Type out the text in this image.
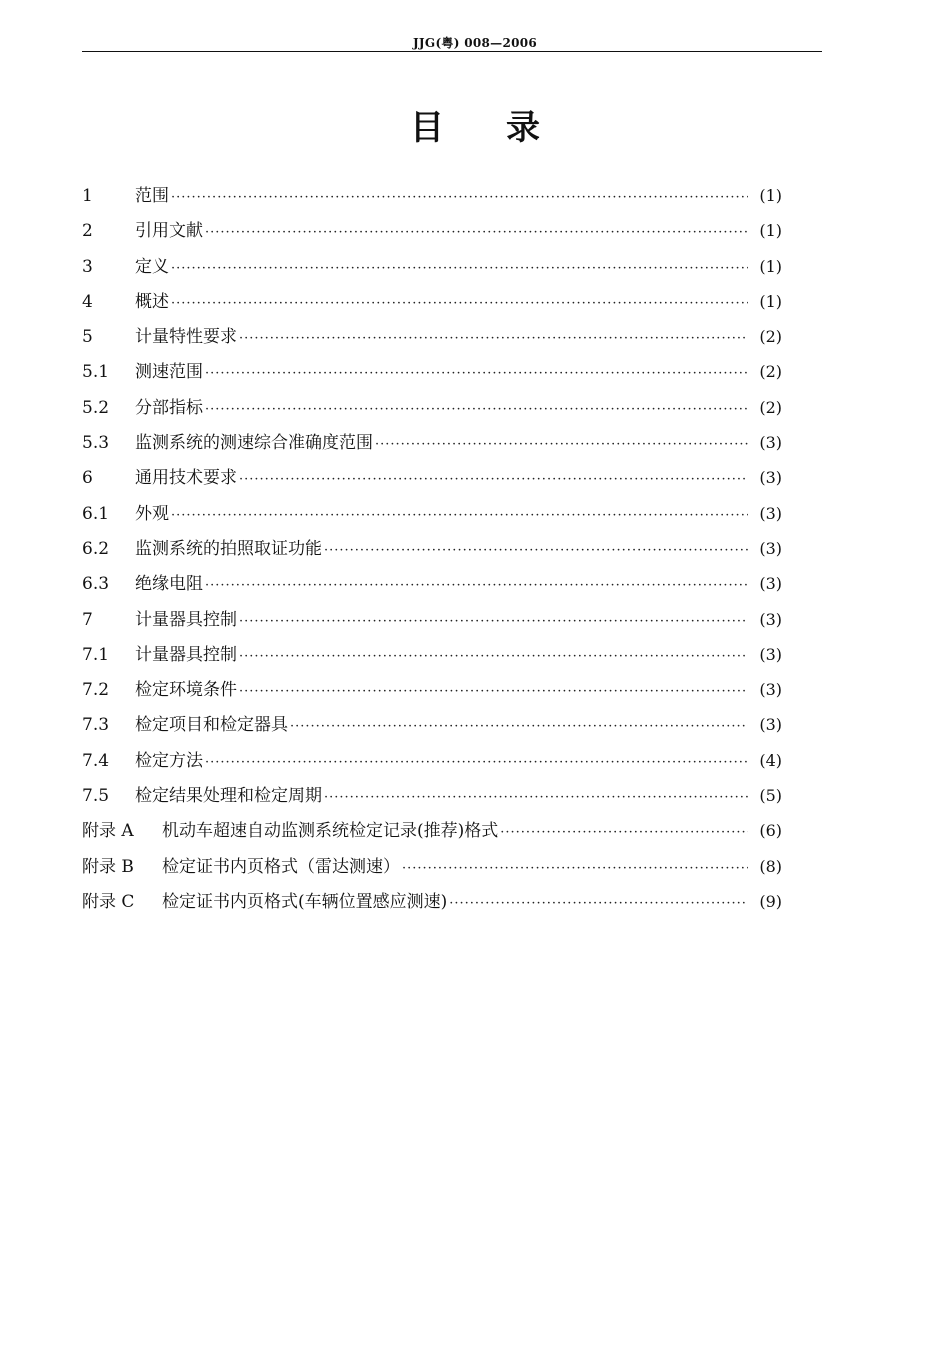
JJG(粤) 008—2006
目录
1	范围 ·····	(1)
2	引用文献 ·····	(1)
3	定义 ·····	(1)
4	概述 ·····	(1)
5	计量特性要求 ·····	(2)
5.1	测速范围 ·····	(2)
5.2	分部指标 ·····	(2)
5.3	监测系统的测速综合准确度范围 ·····	(3)
6	通用技术要求 ·····	(3)
6.1	外观 ·····	(3)
6.2	监测系统的拍照取证功能 ·····	(3)
6.3	绝缘电阻 ·····	(3)
7	计量器具控制 ·····	(3)
7.1	计量器具控制 ·····	(3)
7.2	检定环境条件 ·····	(3)
7.3	检定项目和检定器具 ·····	(3)
7.4	检定方法 ·····	(4)
7.5	检定结果处理和检定周期 ·····	(5)
附录 A	机动车超速自动监测系统检定记录(推荐)格式 ·····	(6)
附录 B	检定证书内页格式（雷达测速） ·····	(8)
附录 C	检定证书内页格式(车辆位置感应测速) ·····	(9)
